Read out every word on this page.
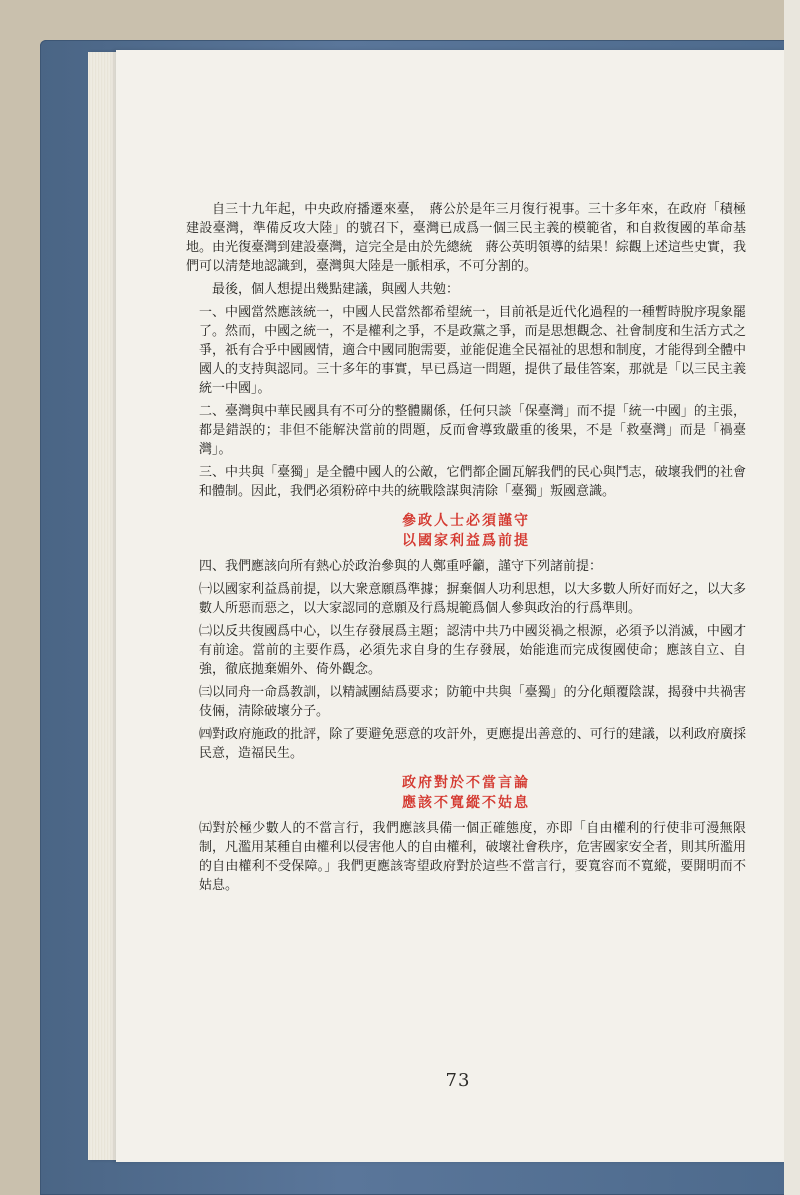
自三十九年起，中央政府播遷來臺，　蔣公於是年三月復行視事。三十多年來，在政府「積極建設臺灣，準備反攻大陸」的號召下，臺灣已成爲一個三民主義的模範省，和自救復國的革命基地。由光復臺灣到建設臺灣，這完全是由於先總統　蔣公英明領導的結果！綜觀上述這些史實，我們可以淸楚地認識到，臺灣與大陸是一脈相承，不可分割的。

最後，個人想提出幾點建議，與國人共勉：

一、中國當然應該統一，中國人民當然都希望統一，目前祇是近代化過程的一種暫時脫序現象罷了。然而，中國之統一，不是權利之爭，不是政黨之爭，而是思想觀念、社會制度和生活方式之爭，祇有合乎中國國情，適合中國同胞需要，並能促進全民福祉的思想和制度，才能得到全體中國人的支持與認同。三十多年的事實，早已爲這一問題，提供了最佳答案，那就是「以三民主義統一中國」。

二、臺灣與中華民國具有不可分的整體關係，任何只談「保臺灣」而不提「統一中國」的主張，都是錯誤的；非但不能解決當前的問題，反而會導致嚴重的後果，不是「救臺灣」而是「禍臺灣」。

三、中共與「臺獨」是全體中國人的公敵，它們都企圖瓦解我們的民心與鬥志，破壞我們的社會和體制。因此，我們必須粉碎中共的統戰陰謀與淸除「臺獨」叛國意識。

參政人士必須謹守
以國家利益爲前提

四、我們應該向所有熱心於政治參與的人鄭重呼籲，謹守下列諸前提：

㈠以國家利益爲前提，以大衆意願爲準據；摒棄個人功利思想，以大多數人所好而好之，以大多數人所惡而惡之，以大家認同的意願及行爲規範爲個人參與政治的行爲準則。

㈡以反共復國爲中心，以生存發展爲主題；認淸中共乃中國災禍之根源，必須予以消滅，中國才有前途。當前的主要作爲，必須先求自身的生存發展，始能進而完成復國使命；應該自立、自強，徹底拋棄媚外、倚外觀念。

㈢以同舟一命爲教訓，以精誠團結爲要求；防範中共與「臺獨」的分化顛覆陰謀，揭發中共禍害伎倆，淸除破壞分子。

㈣對政府施政的批評，除了要避免惡意的攻訐外，更應提出善意的、可行的建議，以利政府廣採民意，造福民生。

政府對於不當言論
應該不寬縱不姑息

㈤對於極少數人的不當言行，我們應該具備一個正確態度，亦即「自由權利的行使非可漫無限制，凡濫用某種自由權利以侵害他人的自由權利，破壞社會秩序，危害國家安全者，則其所濫用的自由權利不受保障。」我們更應該寄望政府對於這些不當言行，要寬容而不寬縱，要開明而不姑息。

73
